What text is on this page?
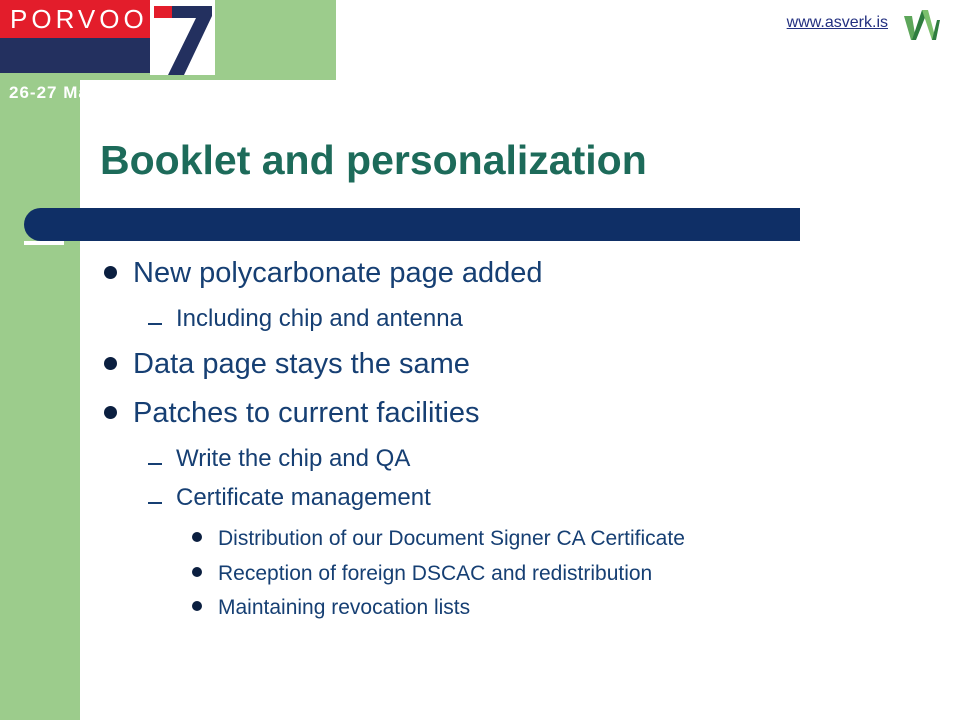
PORVOO
26-27 May 2005
www.asverk.is
Booklet and personalization
New polycarbonate page added
Including chip and antenna
Data page stays the same
Patches to current facilities
Write the chip and QA
Certificate management
Distribution of our Document Signer CA Certificate
Reception of foreign DSCAC and redistribution
Maintaining revocation lists
